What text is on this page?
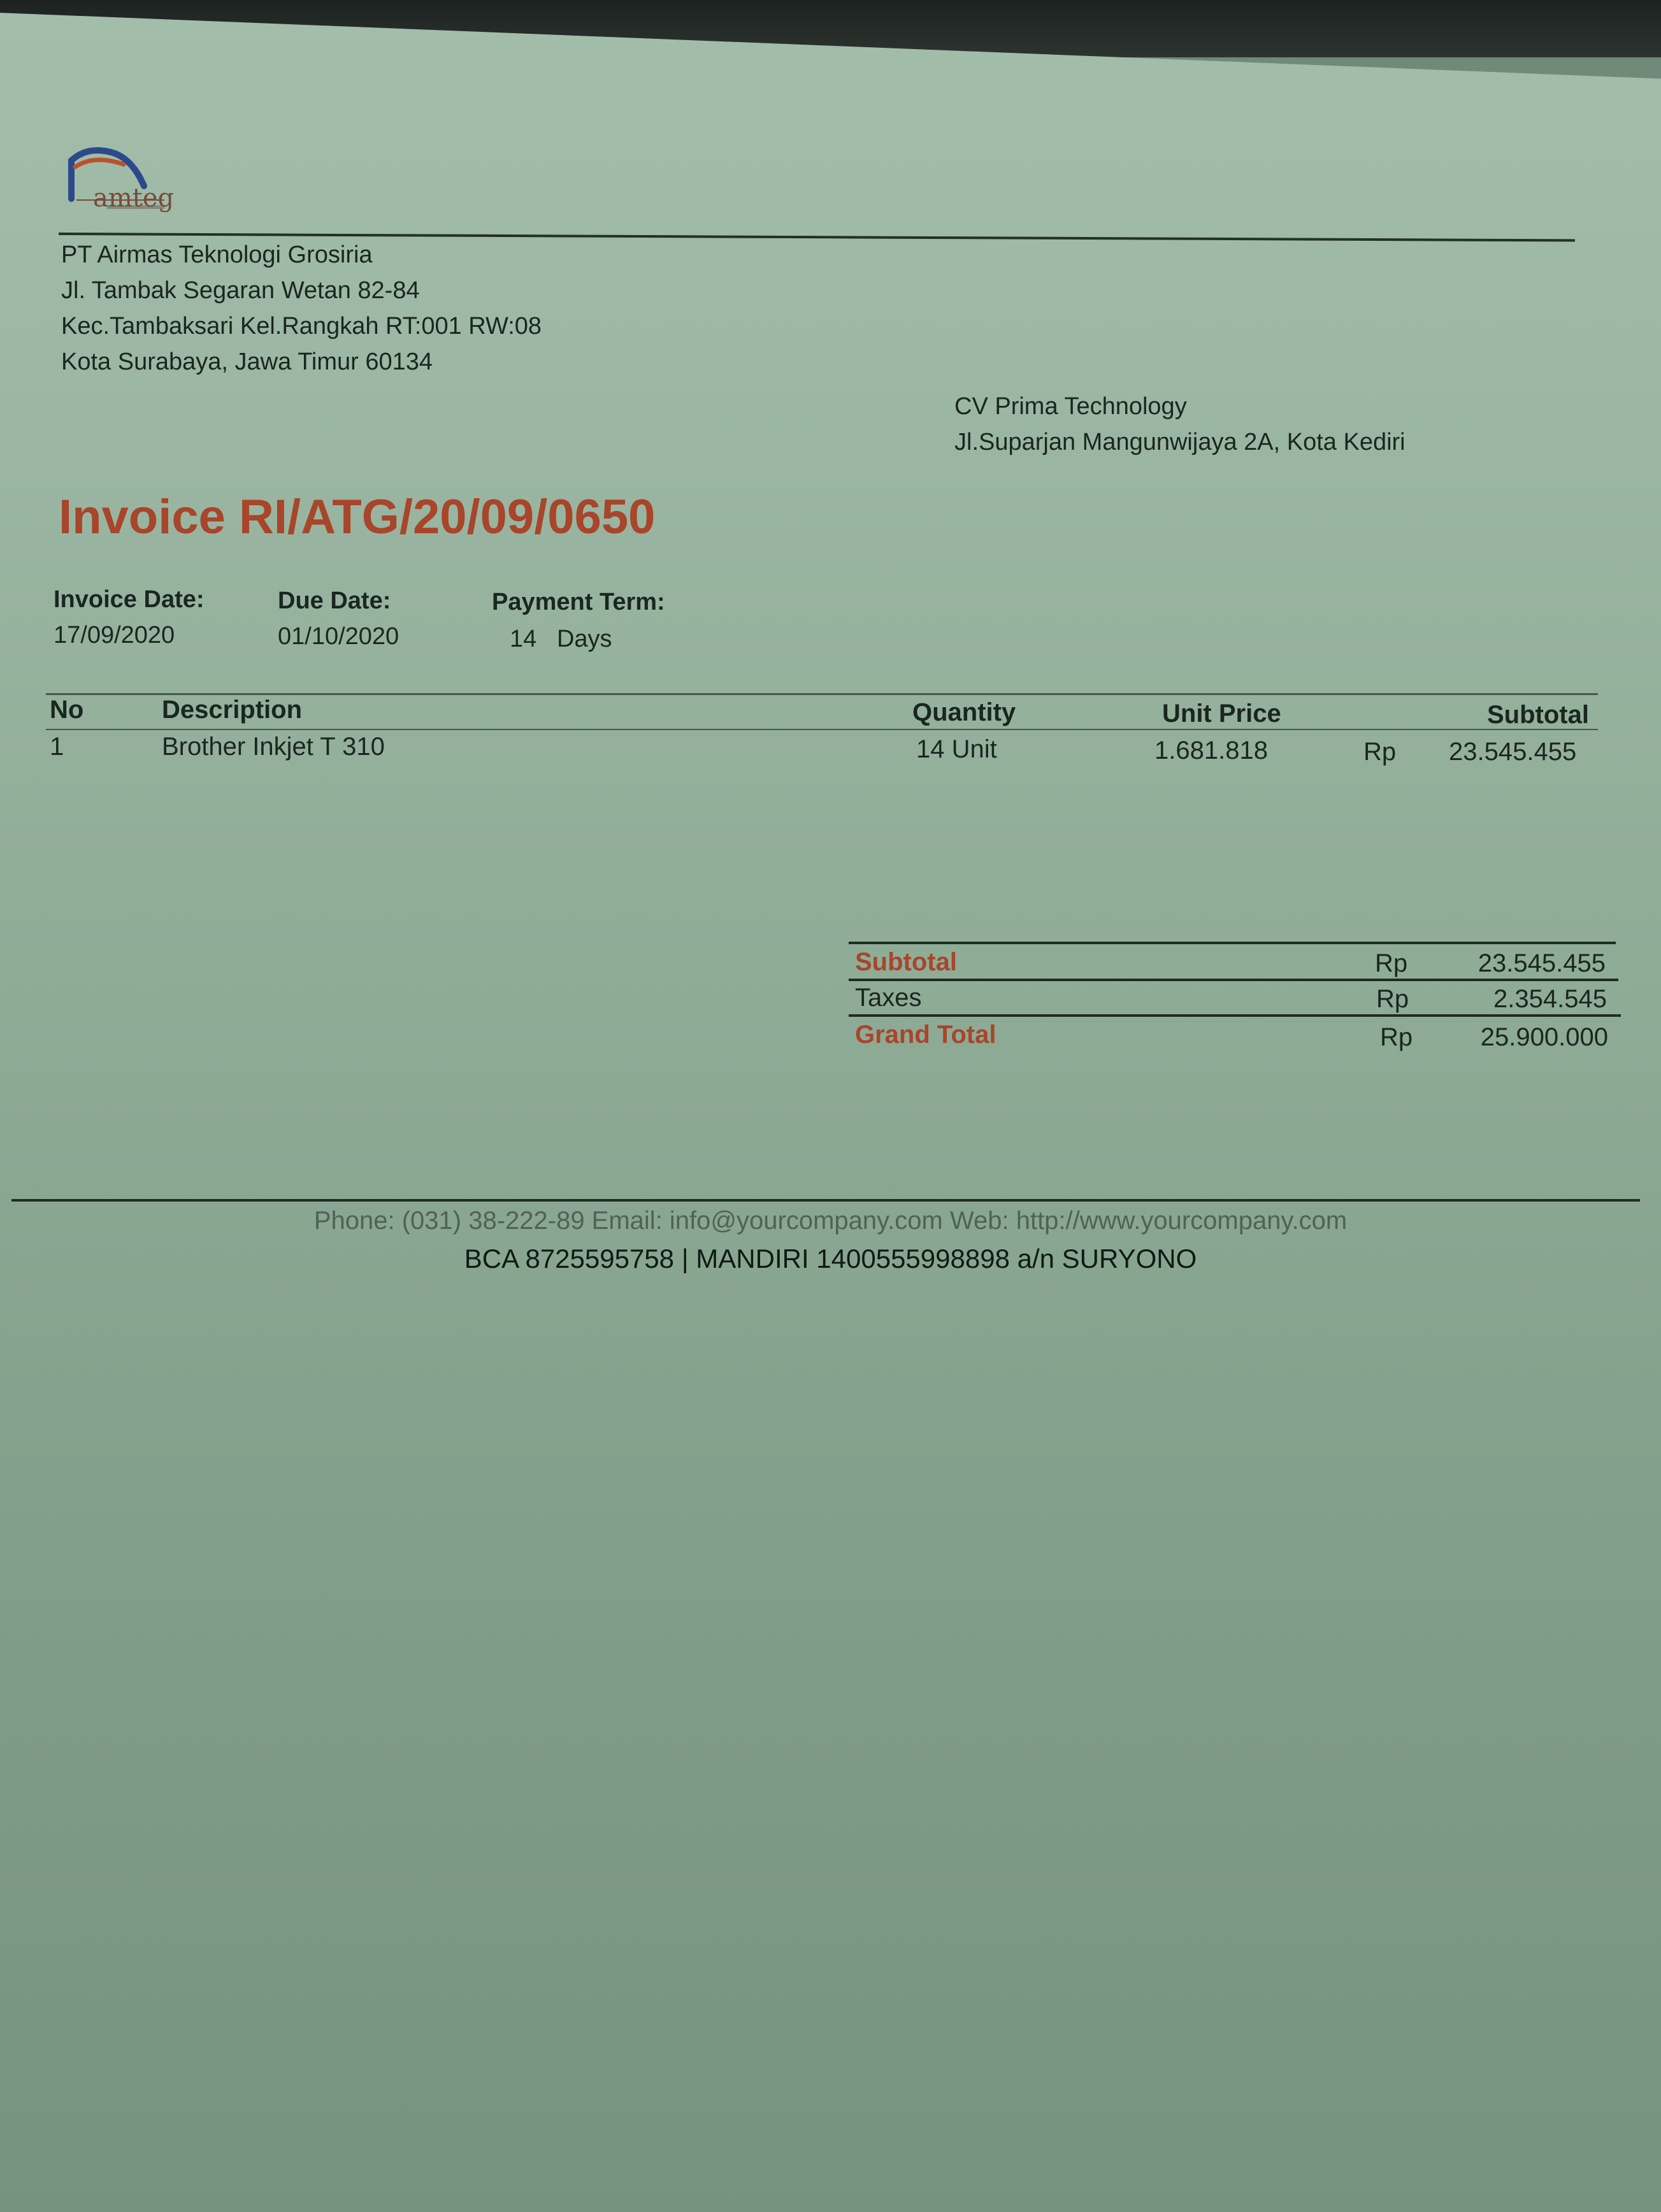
amteg
PT Airmas Teknologi Grosiria
Jl. Tambak Segaran Wetan 82-84
Kec.Tambaksari Kel.Rangkah RT:001 RW:08
Kota Surabaya, Jawa Timur 60134
CV Prima Technology
Jl.Suparjan Mangunwijaya 2A, Kota Kediri
Invoice RI/ATG/20/09/0650
Invoice Date:
17/09/2020
Due Date:
01/10/2020
Payment Term:
14   Days
No	Description	Quantity	Unit Price	Subtotal
1	Brother Inkjet T 310	14 Unit	1.681.818	Rp 23.545.455
Subtotal	Rp	23.545.455
Taxes	Rp	2.354.545
Grand Total	Rp	25.900.000
Phone: (031) 38-222-89 Email: info@yourcompany.com Web: http://www.yourcompany.com
BCA 8725595758 | MANDIRI 1400555998898 a/n SURYONO
